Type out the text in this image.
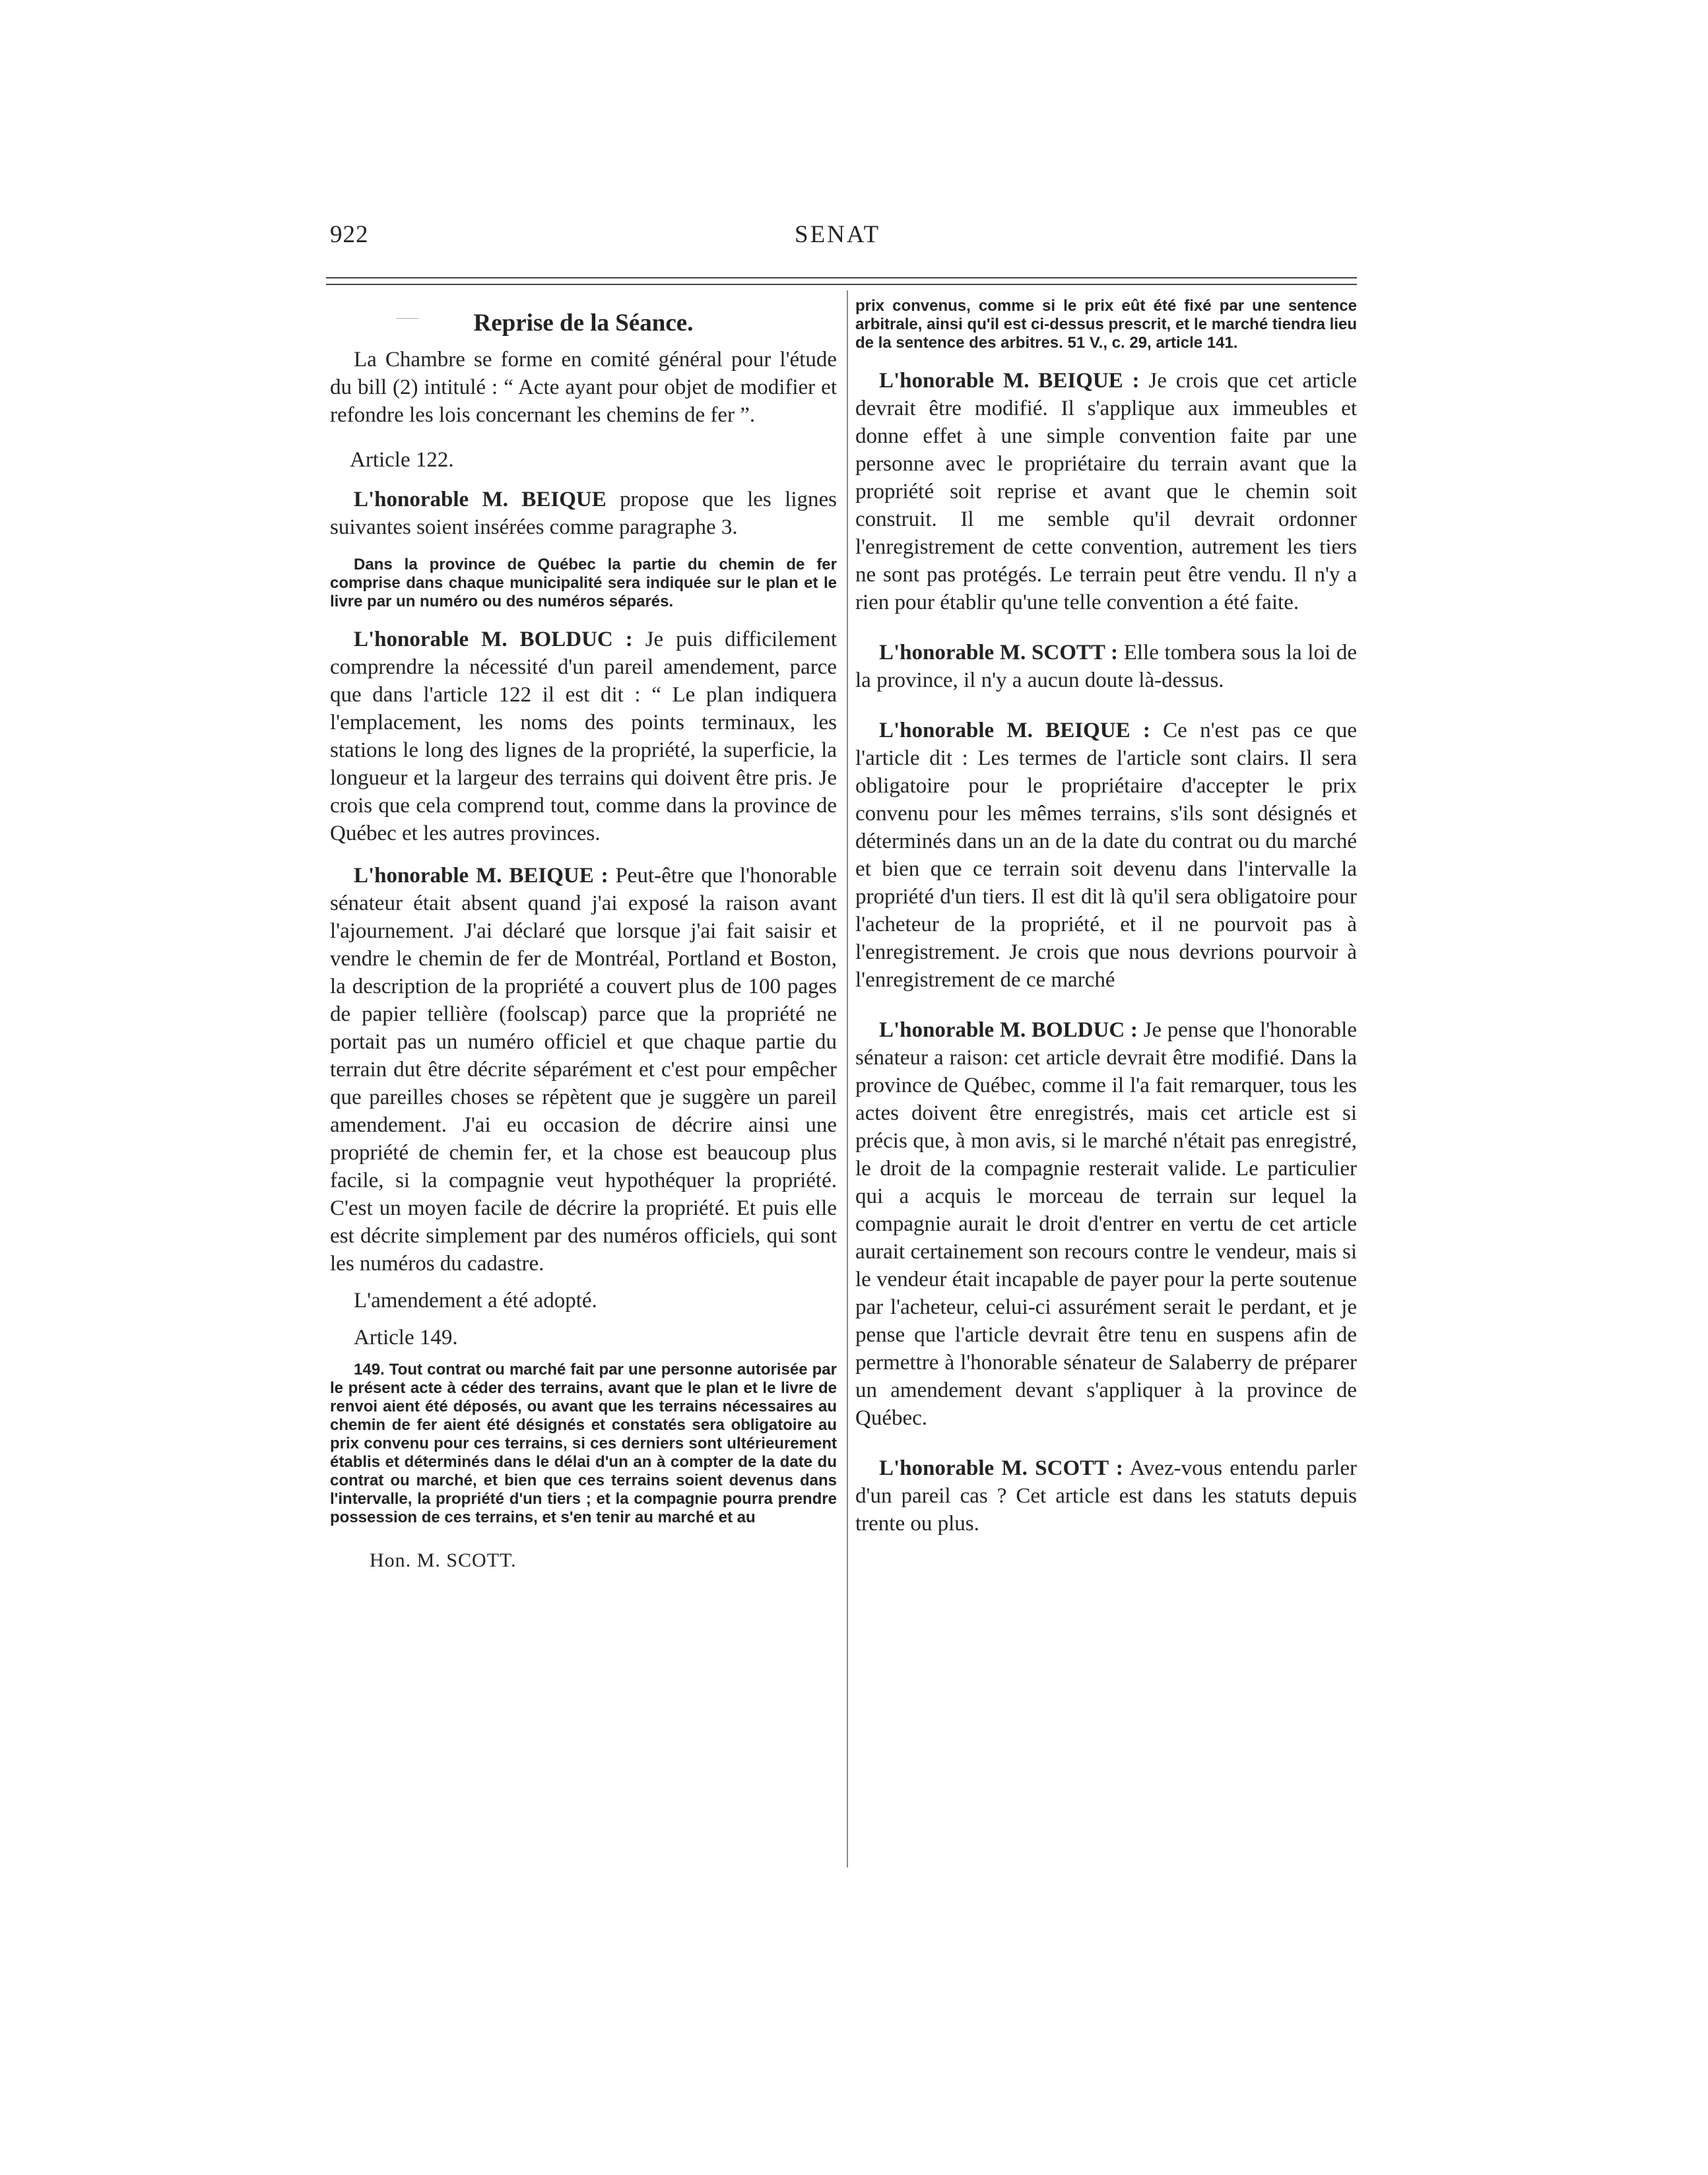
922	SENAT
Reprise de la Séance.

La Chambre se forme en comité général pour l'étude du bill (2) intitulé : “ Acte ayant pour objet de modifier et refondre les lois concernant les chemins de fer ”.

Article 122.

L'honorable M. BEIQUE propose que les lignes suivantes soient insérées comme paragraphe 3.

Dans la province de Québec la partie du chemin de fer comprise dans chaque municipalité sera indiquée sur le plan et le livre par un numéro ou des numéros séparés.

L'honorable M. BOLDUC : Je puis difficilement comprendre la nécessité d'un pareil amendement, parce que dans l'article 122 il est dit : “ Le plan indiquera l'emplacement, les noms des points terminaux, les stations le long des lignes de la propriété, la superficie, la longueur et la largeur des terrains qui doivent être pris. Je crois que cela comprend tout, comme dans la province de Québec et les autres provinces.

L'honorable M. BEIQUE : Peut-être que l'honorable sénateur était absent quand j'ai exposé la raison avant l'ajournement. J'ai déclaré que lorsque j'ai fait saisir et vendre le chemin de fer de Montréal, Portland et Boston, la description de la propriété a couvert plus de 100 pages de papier tellière (foolscap) parce que la propriété ne portait pas un numéro officiel et que chaque partie du terrain dut être décrite séparément et c'est pour empêcher que pareilles choses se répètent que je suggère un pareil amendement. J'ai eu occasion de décrire ainsi une propriété de chemin fer, et la chose est beaucoup plus facile, si la compagnie veut hypothéquer la propriété. C'est un moyen facile de décrire la propriété. Et puis elle est décrite simplement par des numéros officiels, qui sont les numéros du cadastre.

L'amendement a été adopté.

Article 149.

149. Tout contrat ou marché fait par une personne autorisée par le présent acte à céder des terrains, avant que le plan et le livre de renvoi aient été déposés, ou avant que les terrains nécessaires au chemin de fer aient été désignés et constatés sera obligatoire au prix convenu pour ces terrains, si ces derniers sont ultérieurement établis et déterminés dans le délai d'un an à compter de la date du contrat ou marché, et bien que ces terrains soient devenus dans l'intervalle, la propriété d'un tiers ; et la compagnie pourra prendre possession de ces terrains, et s'en tenir au marché et au

Hon. M. SCOTT.

prix convenus, comme si le prix eût été fixé par une sentence arbitrale, ainsi qu'il est ci-dessus prescrit, et le marché tiendra lieu de la sentence des arbitres. 51 V., c. 29, article 141.

L'honorable M. BEIQUE : Je crois que cet article devrait être modifié. Il s'applique aux immeubles et donne effet à une simple convention faite par une personne avec le propriétaire du terrain avant que la propriété soit reprise et avant que le chemin soit construit. Il me semble qu'il devrait ordonner l'enregistrement de cette convention, autrement les tiers ne sont pas protégés. Le terrain peut être vendu. Il n'y a rien pour établir qu'une telle convention a été faite.

L'honorable M. SCOTT : Elle tombera sous la loi de la province, il n'y a aucun doute là-dessus.

L'honorable M. BEIQUE : Ce n'est pas ce que l'article dit : Les termes de l'article sont clairs. Il sera obligatoire pour le propriétaire d'accepter le prix convenu pour les mêmes terrains, s'ils sont désignés et déterminés dans un an de la date du contrat ou du marché et bien que ce terrain soit devenu dans l'intervalle la propriété d'un tiers. Il est dit là qu'il sera obligatoire pour l'acheteur de la propriété, et il ne pourvoit pas à l'enregistrement. Je crois que nous devrions pourvoir à l'enregistrement de ce marché

L'honorable M. BOLDUC : Je pense que l'honorable sénateur a raison: cet article devrait être modifié. Dans la province de Québec, comme il l'a fait remarquer, tous les actes doivent être enregistrés, mais cet article est si précis que, à mon avis, si le marché n'était pas enregistré, le droit de la compagnie resterait valide. Le particulier qui a acquis le morceau de terrain sur lequel la compagnie aurait le droit d'entrer en vertu de cet article aurait certainement son recours contre le vendeur, mais si le vendeur était incapable de payer pour la perte soutenue par l'acheteur, celui-ci assurément serait le perdant, et je pense que l'article devrait être tenu en suspens afin de permettre à l'honorable sénateur de Salaberry de préparer un amendement devant s'appliquer à la province de Québec.

L'honorable M. SCOTT : Avez-vous entendu parler d'un pareil cas ? Cet article est dans les statuts depuis trente ou plus.
